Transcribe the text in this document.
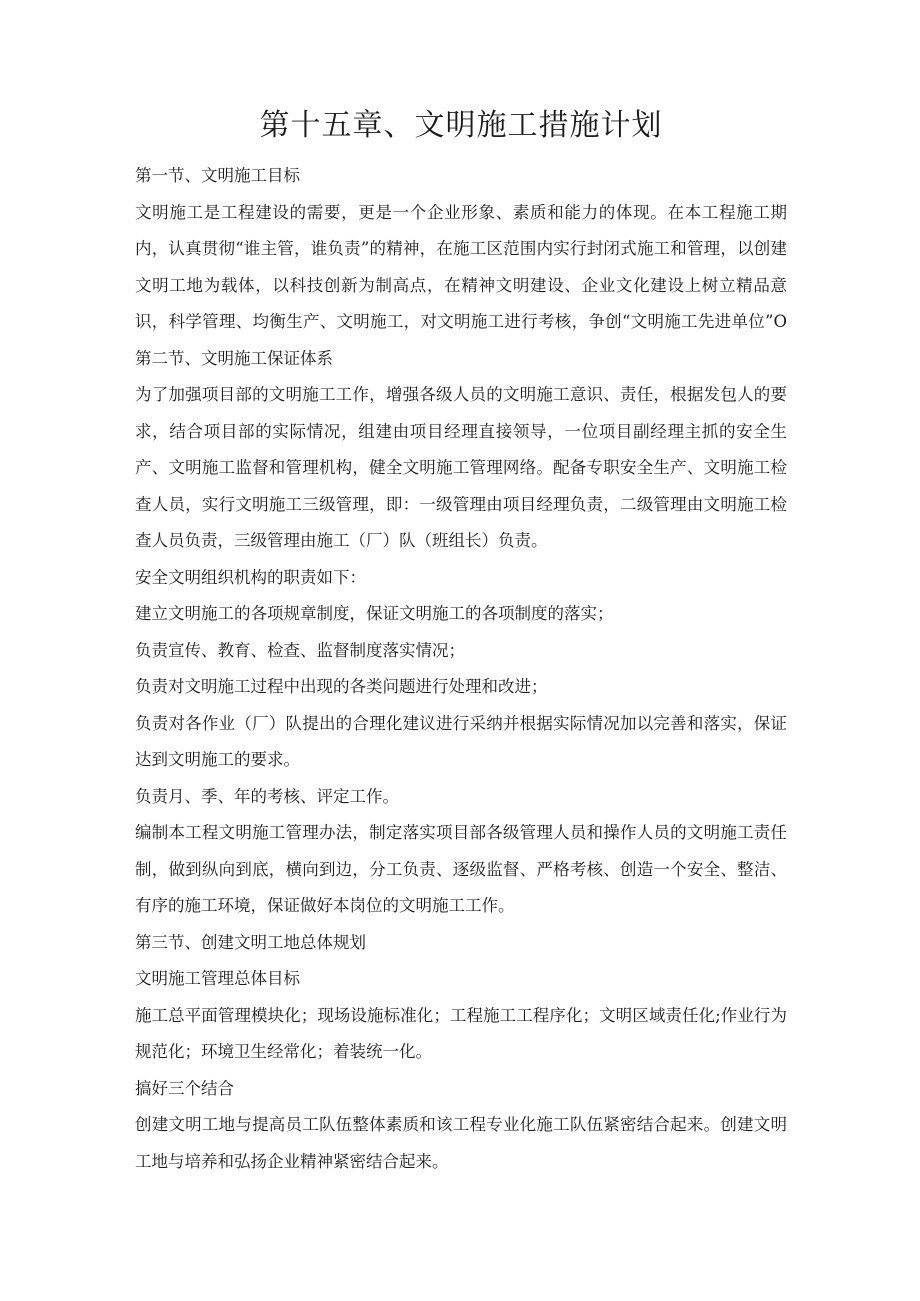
第十五章、文明施工措施计划

第一节、文明施工目标

文明施工是工程建设的需要，更是一个企业形象、素质和能力的体现。在本工程施工期内，认真贯彻“谁主管，谁负责”的精神，在施工区范围内实行封闭式施工和管理，以创建文明工地为载体，以科技创新为制高点，在精神文明建设、企业文化建设上树立精品意识，科学管理、均衡生产、文明施工，对文明施工进行考核，争创“文明施工先进单位”O第二节、文明施工保证体系

为了加强项目部的文明施工工作，增强各级人员的文明施工意识、责任，根据发包人的要求，结合项目部的实际情况，组建由项目经理直接领导，一位项目副经理主抓的安全生产、文明施工监督和管理机构，健全文明施工管理网络。配备专职安全生产、文明施工检查人员，实行文明施工三级管理，即：一级管理由项目经理负责，二级管理由文明施工检查人员负责，三级管理由施工（厂）队（班组长）负责。

安全文明组织机构的职责如下：

建立文明施工的各项规章制度，保证文明施工的各项制度的落实；

负责宣传、教育、检查、监督制度落实情况；

负责对文明施工过程中出现的各类问题进行处理和改进；

负责对各作业（厂）队提出的合理化建议进行采纳并根据实际情况加以完善和落实，保证达到文明施工的要求。

负责月、季、年的考核、评定工作。

编制本工程文明施工管理办法，制定落实项目部各级管理人员和操作人员的文明施工责任制，做到纵向到底，横向到边，分工负责、逐级监督、严格考核、创造一个安全、整洁、有序的施工环境，保证做好本岗位的文明施工工作。

第三节、创建文明工地总体规划

文明施工管理总体目标

施工总平面管理模块化；现场设施标准化；工程施工工程序化；文明区域责任化;作业行为规范化；环境卫生经常化；着装统一化。

搞好三个结合

创建文明工地与提高员工队伍整体素质和该工程专业化施工队伍紧密结合起来。创建文明工地与培养和弘扬企业精神紧密结合起来。
